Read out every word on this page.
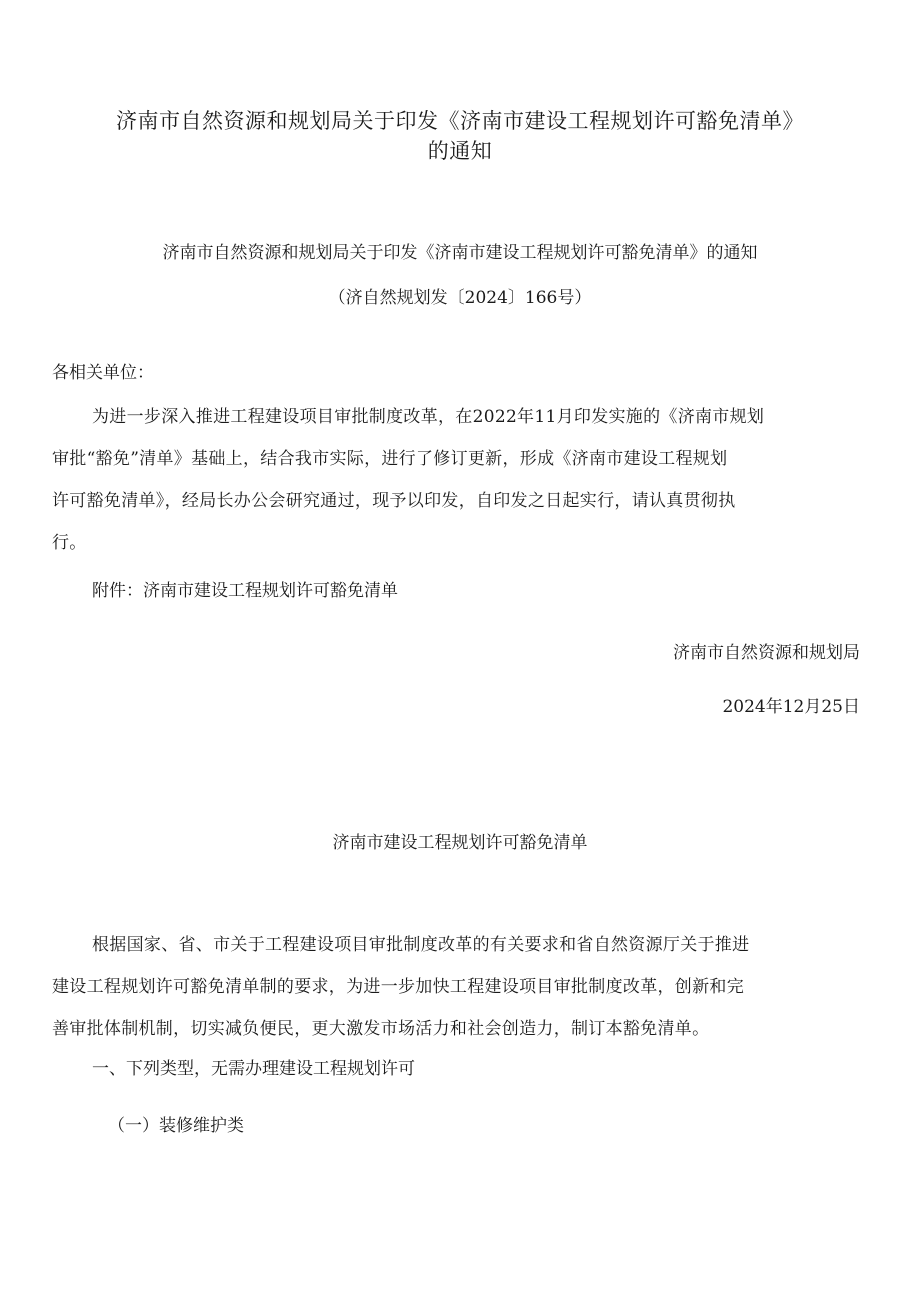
济南市自然资源和规划局关于印发《济南市建设工程规划许可豁免清单》
的通知
济南市自然资源和规划局关于印发《济南市建设工程规划许可豁免清单》的通知
（济自然规划发〔2024〕166号）
各相关单位：
为进一步深入推进工程建设项目审批制度改革，在2022年11月印发实施的《济南市规划
审批“豁免”清单》基础上，结合我市实际，进行了修订更新，形成《济南市建设工程规划
许可豁免清单》，经局长办公会研究通过，现予以印发，自印发之日起实行，请认真贯彻执
行。
附件：济南市建设工程规划许可豁免清单
济南市自然资源和规划局
2024年12月25日
济南市建设工程规划许可豁免清单
根据国家、省、市关于工程建设项目审批制度改革的有关要求和省自然资源厅关于推进
建设工程规划许可豁免清单制的要求，为进一步加快工程建设项目审批制度改革，创新和完
善审批体制机制，切实减负便民，更大激发市场活力和社会创造力，制订本豁免清单。
一、下列类型，无需办理建设工程规划许可
（一）装修维护类
